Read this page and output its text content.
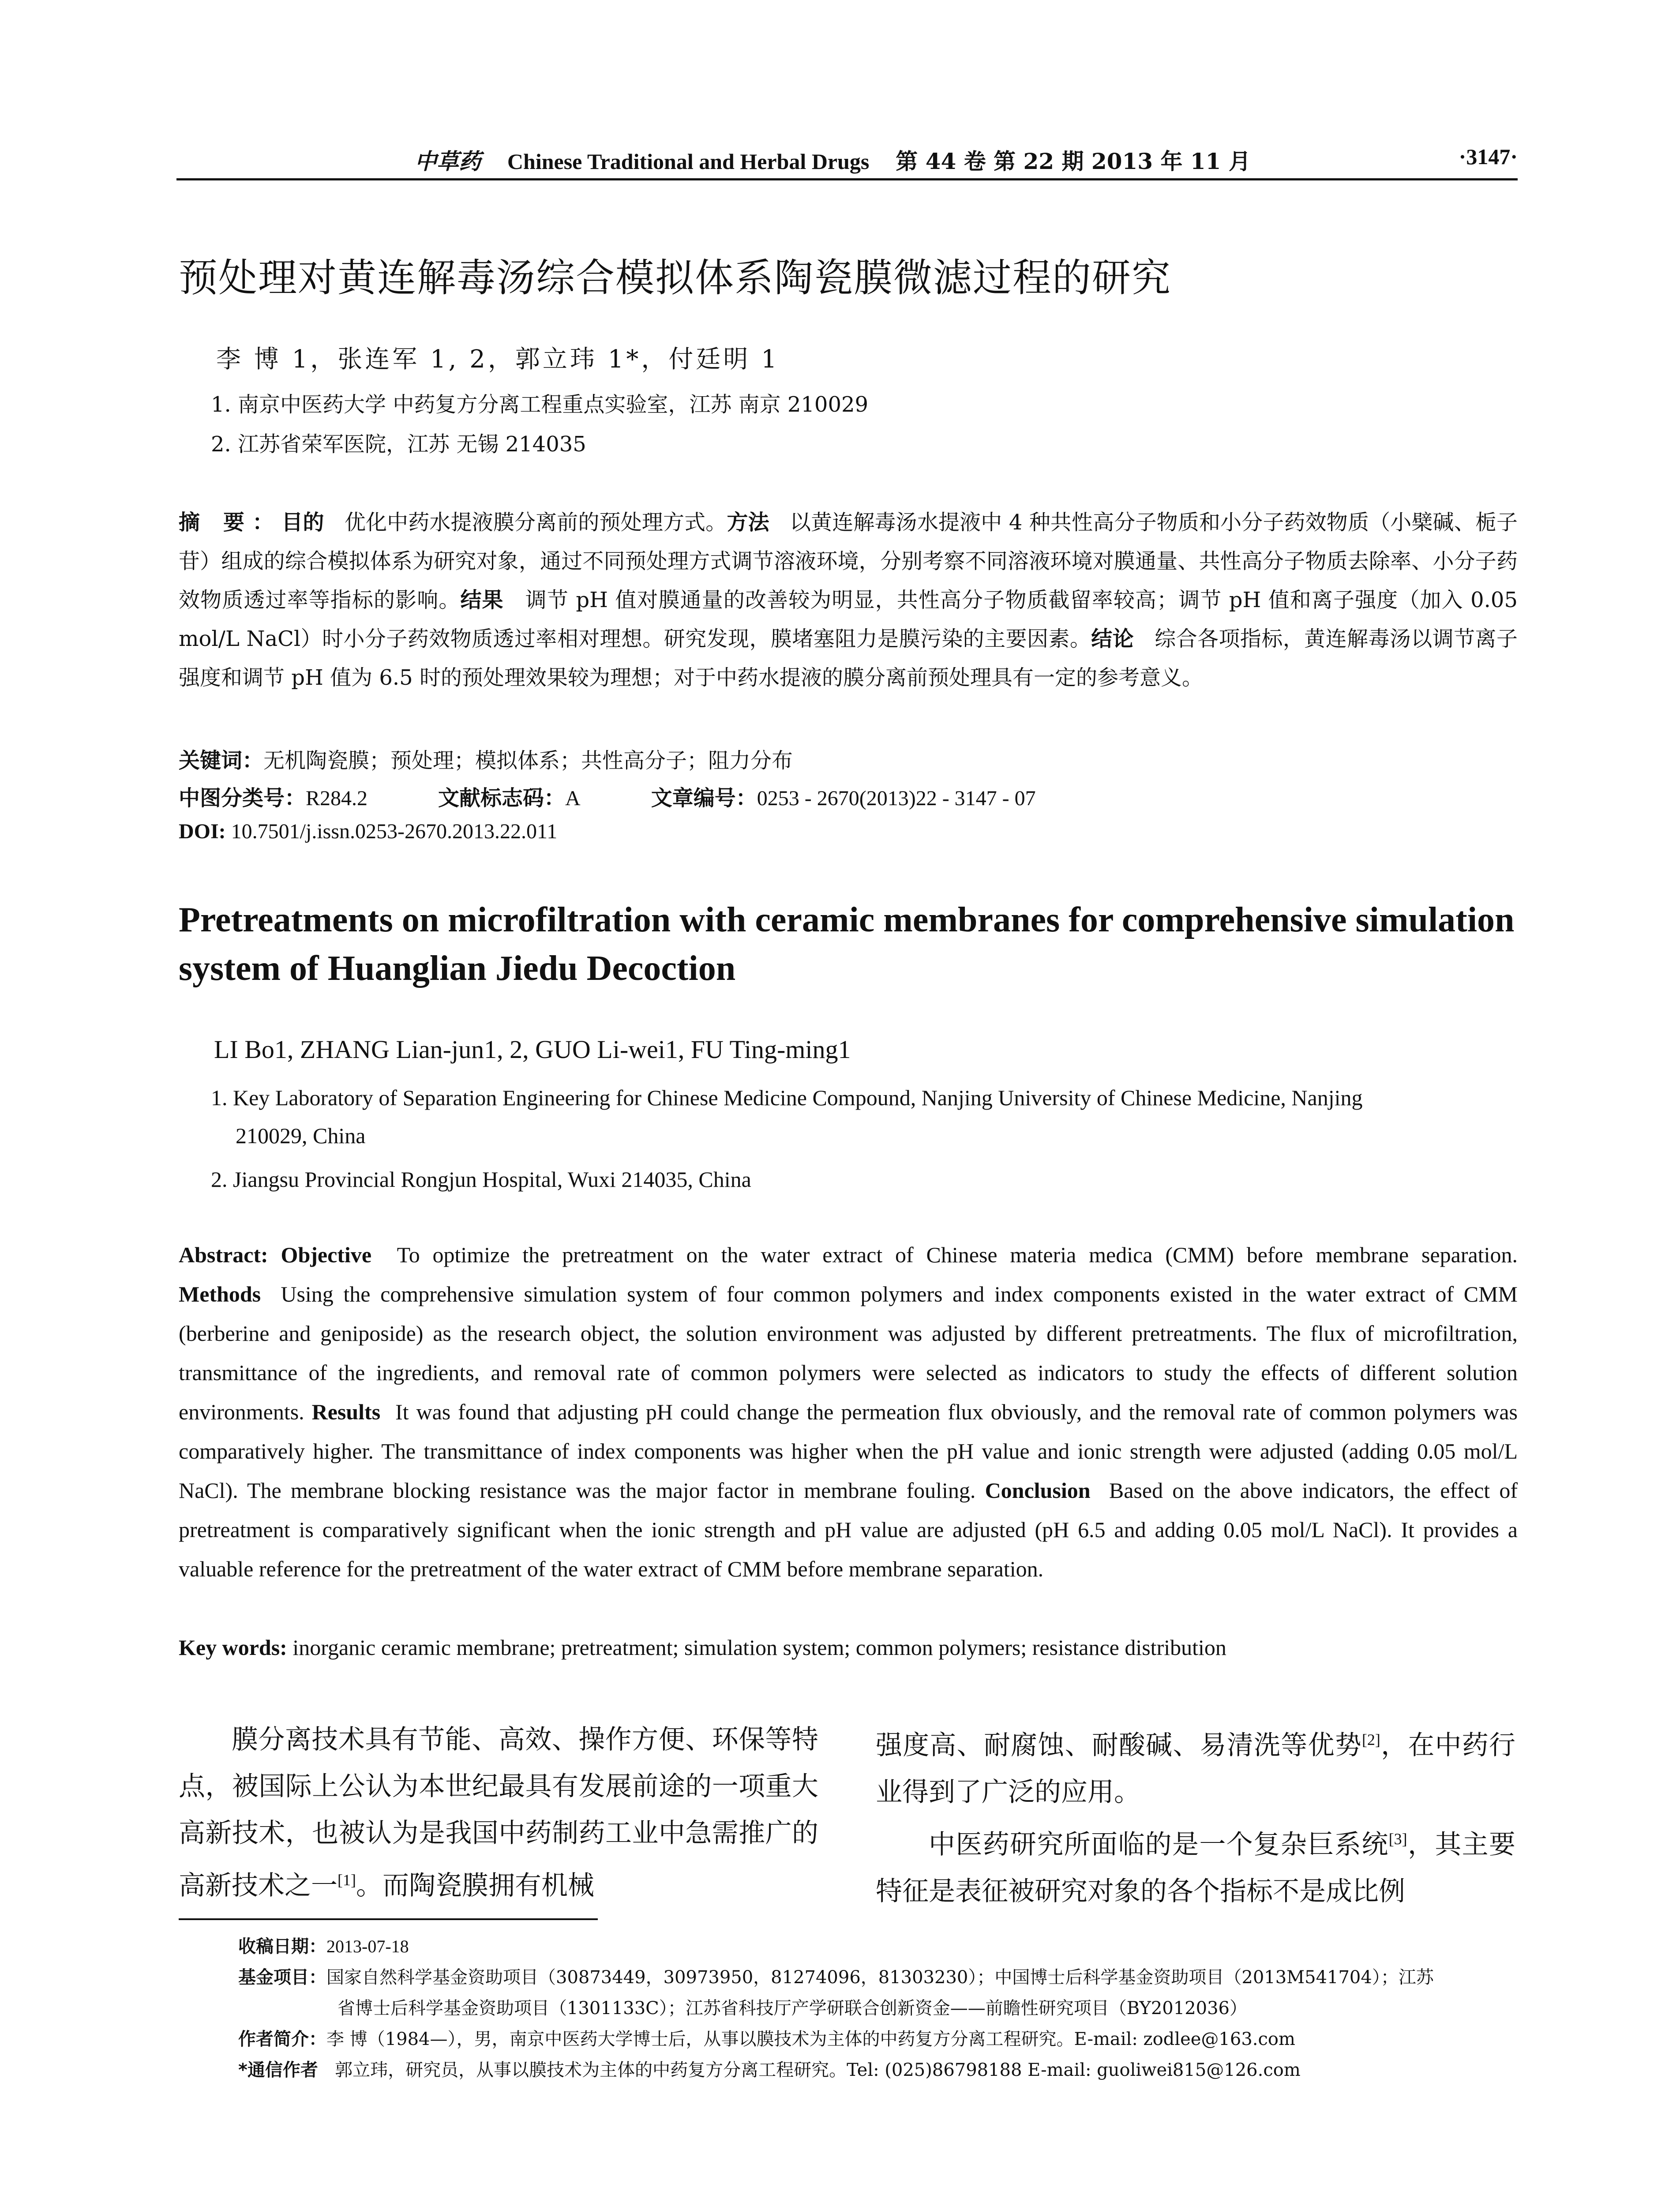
中草药 Chinese Traditional and Herbal Drugs 第 44 卷 第 22 期 2013 年 11 月	·3147·
预处理对黄连解毒汤综合模拟体系陶瓷膜微滤过程的研究
李 博 1，张连军 1, 2，郭立玮 1*，付廷明 1
1. 南京中医药大学 中药复方分离工程重点实验室，江苏 南京 210029
2. 江苏省荣军医院，江苏 无锡 214035
摘 要：目的 优化中药水提液膜分离前的预处理方式。方法 以黄连解毒汤水提液中 4 种共性高分子物质和小分子药效物质（小檗碱、栀子苷）组成的综合模拟体系为研究对象，通过不同预处理方式调节溶液环境，分别考察不同溶液环境对膜通量、共性高分子物质去除率、小分子药效物质透过率等指标的影响。结果 调节 pH 值对膜通量的改善较为明显，共性高分子物质截留率较高；调节 pH 值和离子强度（加入 0.05 mol/L NaCl）时小分子药效物质透过率相对理想。研究发现，膜堵塞阻力是膜污染的主要因素。结论 综合各项指标，黄连解毒汤以调节离子强度和调节 pH 值为 6.5 时的预处理效果较为理想；对于中药水提液的膜分离前预处理具有一定的参考意义。
关键词：无机陶瓷膜；预处理；模拟体系；共性高分子；阻力分布
中图分类号：R284.2	文献标志码：A	文章编号：0253 - 2670(2013)22 - 3147 - 07
DOI: 10.7501/j.issn.0253-2670.2013.22.011
Pretreatments on microfiltration with ceramic membranes for comprehensive simulation system of Huanglian Jiedu Decoction
LI Bo1, ZHANG Lian-jun1, 2, GUO Li-wei1, FU Ting-ming1
1. Key Laboratory of Separation Engineering for Chinese Medicine Compound, Nanjing University of Chinese Medicine, Nanjing
210029, China
2. Jiangsu Provincial Rongjun Hospital, Wuxi 214035, China
Abstract: Objective To optimize the pretreatment on the water extract of Chinese materia medica (CMM) before membrane separation. Methods Using the comprehensive simulation system of four common polymers and index components existed in the water extract of CMM (berberine and geniposide) as the research object, the solution environment was adjusted by different pretreatments. The flux of microfiltration, transmittance of the ingredients, and removal rate of common polymers were selected as indicators to study the effects of different solution environments. Results It was found that adjusting pH could change the permeation flux obviously, and the removal rate of common polymers was comparatively higher. The transmittance of index components was higher when the pH value and ionic strength were adjusted (adding 0.05 mol/L NaCl). The membrane blocking resistance was the major factor in membrane fouling. Conclusion Based on the above indicators, the effect of pretreatment is comparatively significant when the ionic strength and pH value are adjusted (pH 6.5 and adding 0.05 mol/L NaCl). It provides a valuable reference for the pretreatment of the water extract of CMM before membrane separation.
Key words: inorganic ceramic membrane; pretreatment; simulation system; common polymers; resistance distribution

膜分离技术具有节能、高效、操作方便、环保等特点，被国际上公认为本世纪最具有发展前途的一项重大高新技术，也被认为是我国中药制药工业中急需推广的高新技术之一[1]。而陶瓷膜拥有机械

强度高、耐腐蚀、耐酸碱、易清洗等优势[2]，在中药行业得到了广泛的应用。

中医药研究所面临的是一个复杂巨系统[3]，其主要特征是表征被研究对象的各个指标不是成比例

收稿日期：2013-07-18
基金项目：国家自然科学基金资助项目（30873449，30973950，81274096，81303230）；中国博士后科学基金资助项目（2013M541704）；江苏
省博士后科学基金资助项目（1301133C）；江苏省科技厅产学研联合创新资金——前瞻性研究项目（BY2012036）
作者简介：李 博（1984—），男，南京中医药大学博士后，从事以膜技术为主体的中药复方分离工程研究。E-mail: zodlee@163.com
*通信作者 郭立玮，研究员，从事以膜技术为主体的中药复方分离工程研究。Tel: (025)86798188 E-mail: guoliwei815@126.com
